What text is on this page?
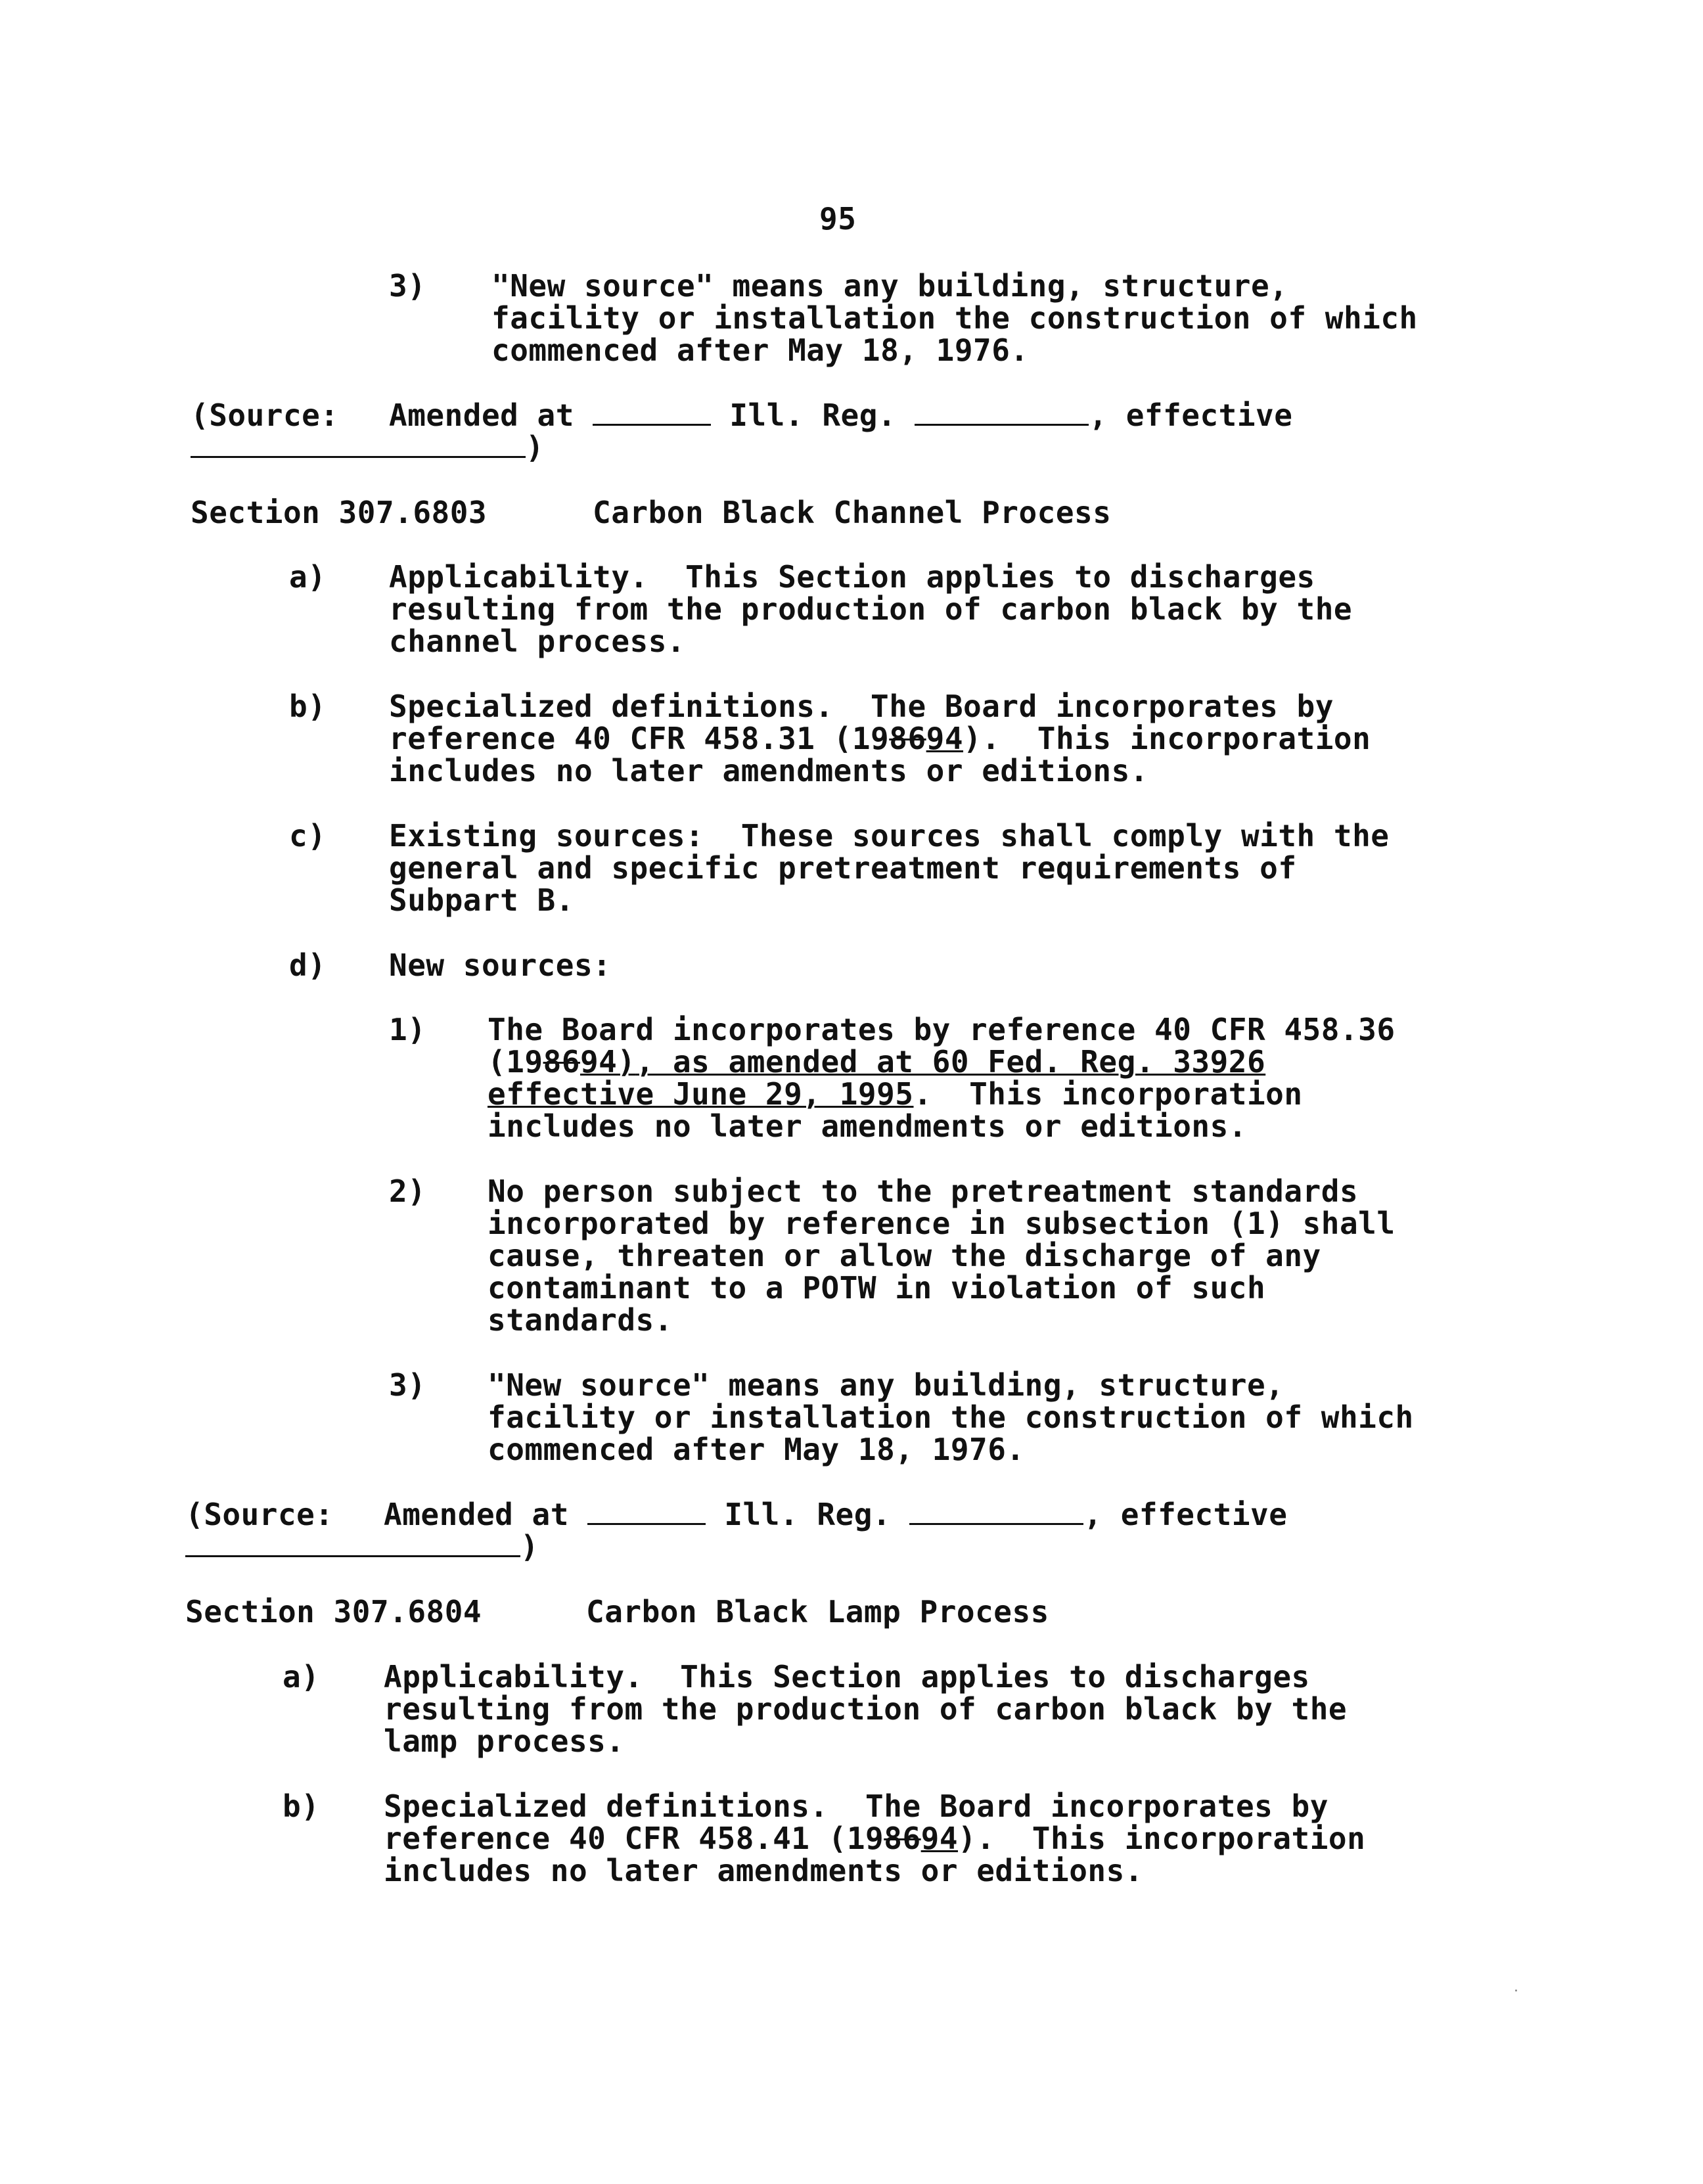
95
3) "New source" means any building, structure,
facility or installation the construction of which
commenced after May 18, 1976.
(Source: Amended at	Ill. Reg.	, effective
)
Section 307.6803	Carbon Black Channel Process
a) Applicability.  This Section applies to discharges
resulting from the production of carbon black by the
channel process.
b) Specialized definitions.  The Board incorporates by
reference 40 CFR 458.31 (198694).  This incorporation
includes no later amendments or editions.
c) Existing sources:  These sources shall comply with the
general and specific pretreatment requirements of
Subpart B.
d) New sources:
1) The Board incorporates by reference 40 CFR 458.36
(198694), as amended at 60 Fed. Reg. 33926
effective June 29, 1995.  This incorporation
includes no later amendments or editions.
2) No person subject to the pretreatment standards
incorporated by reference in subsection (1) shall
cause, threaten or allow the discharge of any
contaminant to a POTW in violation of such
standards.
3) "New source" means any building, structure,
facility or installation the construction of which
commenced after May 18, 1976.
(Source: Amended at	Ill. Reg.	, effective
)
Section 307.6804	Carbon Black Lamp Process
a) Applicability.  This Section applies to discharges
resulting from the production of carbon black by the
lamp process.
b) Specialized definitions.  The Board incorporates by
reference 40 CFR 458.41 (198694).  This incorporation
includes no later amendments or editions.
